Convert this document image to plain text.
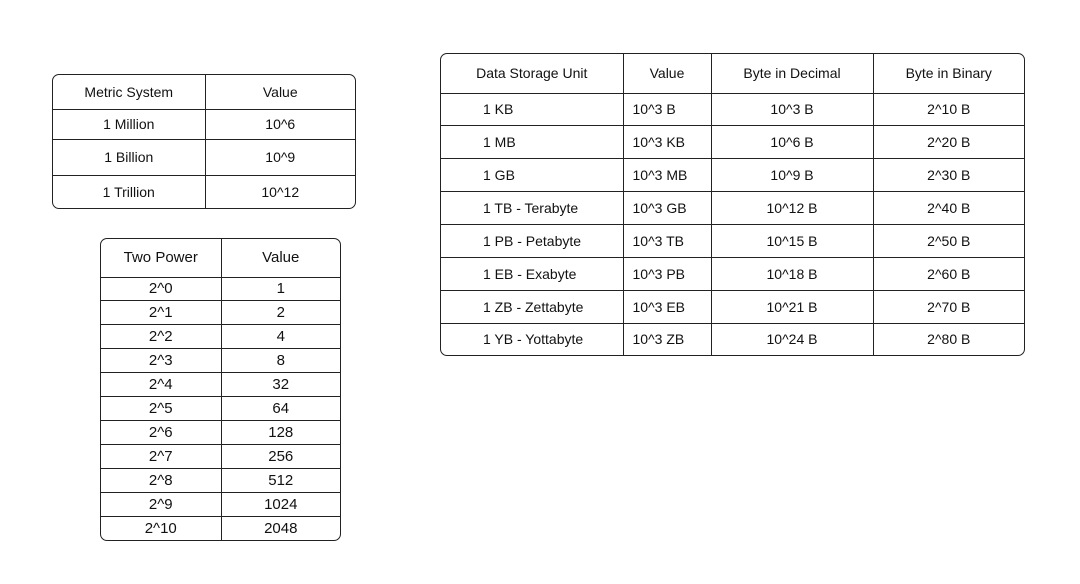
Metric System	Value
1 Million	10^6
1 Billion	10^9
1 Trillion	10^12
Two Power	Value
2^0	1
2^1	2
2^2	4
2^3	8
2^4	32
2^5	64
2^6	128
2^7	256
2^8	512
2^9	1024
2^10	2048
Data Storage Unit	Value	Byte in Decimal	Byte in Binary
1 KB	10^3 B	10^3 B	2^10 B
1 MB	10^3 KB	10^6 B	2^20 B
1 GB	10^3 MB	10^9 B	2^30 B
1 TB - Terabyte	10^3 GB	10^12 B	2^40 B
1 PB - Petabyte	10^3 TB	10^15 B	2^50 B
1 EB - Exabyte	10^3 PB	10^18 B	2^60 B
1 ZB - Zettabyte	10^3 EB	10^21 B	2^70 B
1 YB - Yottabyte	10^3 ZB	10^24 B	2^80 B
